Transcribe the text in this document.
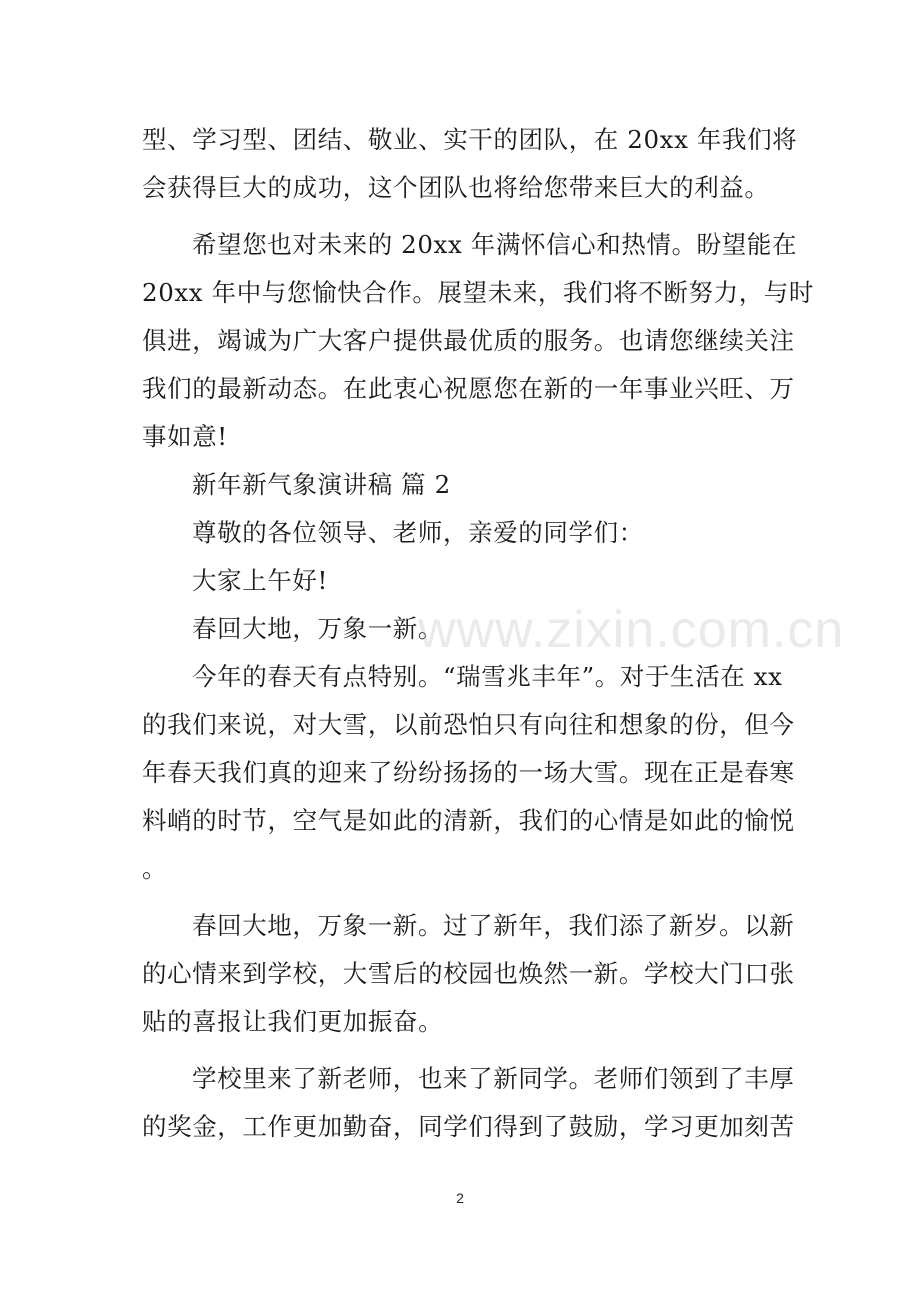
型、学习型、团结、敬业、实干的团队，在 20xx 年我们将
会获得巨大的成功，这个团队也将给您带来巨大的利益。
希望您也对未来的 20xx 年满怀信心和热情。盼望能在
20xx 年中与您愉快合作。展望未来，我们将不断努力，与时
俱进，竭诚为广大客户提供最优质的服务。也请您继续关注
我们的最新动态。在此衷心祝愿您在新的一年事业兴旺、万
事如意!
新年新气象演讲稿 篇 2
尊敬的各位领导、老师，亲爱的同学们：
大家上午好!
春回大地，万象一新。
今年的春天有点特别。“瑞雪兆丰年”。对于生活在 xx
的我们来说，对大雪，以前恐怕只有向往和想象的份，但今
年春天我们真的迎来了纷纷扬扬的一场大雪。现在正是春寒
料峭的时节，空气是如此的清新，我们的心情是如此的愉悦
。
春回大地，万象一新。过了新年，我们添了新岁。以新
的心情来到学校，大雪后的校园也焕然一新。学校大门口张
贴的喜报让我们更加振奋。
学校里来了新老师，也来了新同学。老师们领到了丰厚
的奖金，工作更加勤奋，同学们得到了鼓励，学习更加刻苦
www.zixin.com.cn
2
